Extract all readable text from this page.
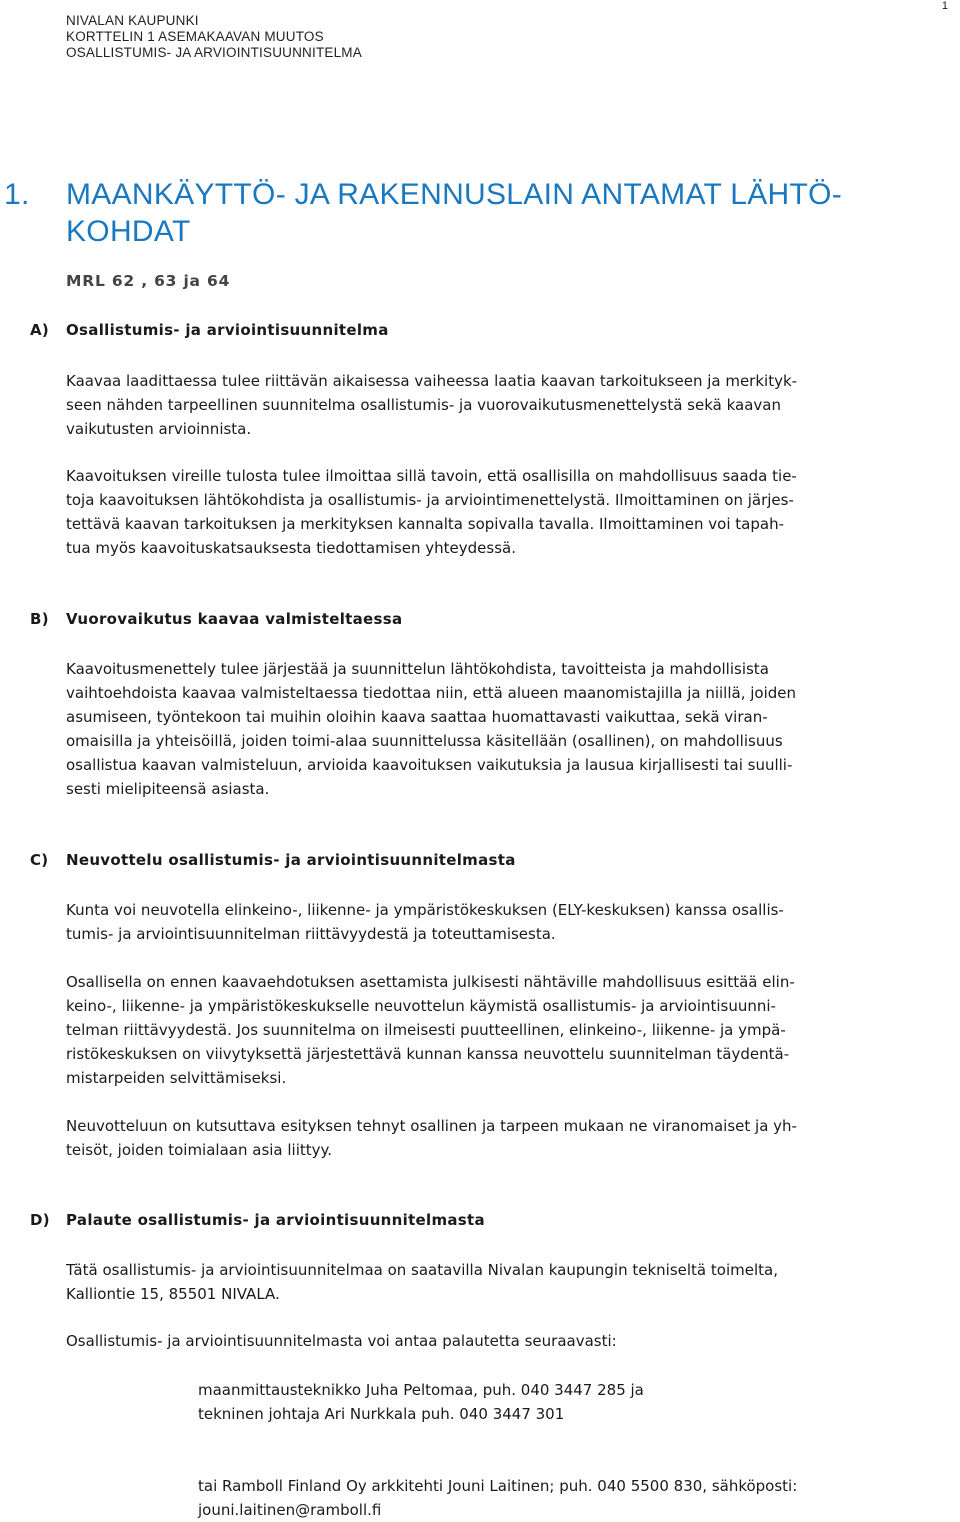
1
NIVALAN KAUPUNKI
KORTTELIN 1 ASEMAKAAVAN MUUTOS
OSALLISTUMIS- JA ARVIOINTISUUNNITELMA
1. MAANKÄYTTÖ- JA RAKENNUSLAIN ANTAMAT LÄHTÖ-
KOHDAT
MRL 62 , 63 ja 64
A) Osallistumis- ja arviointisuunnitelma
Kaavaa laadittaessa tulee riittävän aikaisessa vaiheessa laatia kaavan tarkoitukseen ja merkityk-
seen nähden tarpeellinen suunnitelma osallistumis- ja vuorovaikutusmenettelystä sekä kaavan
vaikutusten arvioinnista.
Kaavoituksen vireille tulosta tulee ilmoittaa sillä tavoin, että osallisilla on mahdollisuus saada tie-
toja kaavoituksen lähtökohdista ja osallistumis- ja arviointimenettelystä. Ilmoittaminen on järjes-
tettävä kaavan tarkoituksen ja merkityksen kannalta sopivalla tavalla. Ilmoittaminen voi tapah-
tua myös kaavoituskatsauksesta tiedottamisen yhteydessä.
B) Vuorovaikutus kaavaa valmisteltaessa
Kaavoitusmenettely tulee järjestää ja suunnittelun lähtökohdista, tavoitteista ja mahdollisista
vaihtoehdoista kaavaa valmisteltaessa tiedottaa niin, että alueen maanomistajilla ja niillä, joiden
asumiseen, työntekoon tai muihin oloihin kaava saattaa huomattavasti vaikuttaa, sekä viran-
omaisilla ja yhteisöillä, joiden toimi-alaa suunnittelussa käsitellään (osallinen), on mahdollisuus
osallistua kaavan valmisteluun, arvioida kaavoituksen vaikutuksia ja lausua kirjallisesti tai suulli-
sesti mielipiteensä asiasta.
C) Neuvottelu osallistumis- ja arviointisuunnitelmasta
Kunta voi neuvotella elinkeino-, liikenne- ja ympäristökeskuksen (ELY-keskuksen) kanssa osallis-
tumis- ja arviointisuunnitelman riittävyydestä ja toteuttamisesta.
Osallisella on ennen kaavaehdotuksen asettamista julkisesti nähtäville mahdollisuus esittää elin-
keino-, liikenne- ja ympäristökeskukselle neuvottelun käymistä osallistumis- ja arviointisuunni-
telman riittävyydestä. Jos suunnitelma on ilmeisesti puutteellinen, elinkeino-, liikenne- ja ympä-
ristökeskuksen on viivytyksettä järjestettävä kunnan kanssa neuvottelu suunnitelman täydentä-
mistarpeiden selvittämiseksi.
Neuvotteluun on kutsuttava esityksen tehnyt osallinen ja tarpeen mukaan ne viranomaiset ja yh-
teisöt, joiden toimialaan asia liittyy.
D) Palaute osallistumis- ja arviointisuunnitelmasta
Tätä osallistumis- ja arviointisuunnitelmaa on saatavilla Nivalan kaupungin tekniseltä toimelta,
Kalliontie 15, 85501 NIVALA.
Osallistumis- ja arviointisuunnitelmasta voi antaa palautetta seuraavasti:
maanmittausteknikko Juha Peltomaa, puh. 040 3447 285 ja
tekninen johtaja Ari Nurkkala puh. 040 3447 301
tai Ramboll Finland Oy arkkitehti Jouni Laitinen; puh. 040 5500 830, sähköposti:
jouni.laitinen@ramboll.fi
